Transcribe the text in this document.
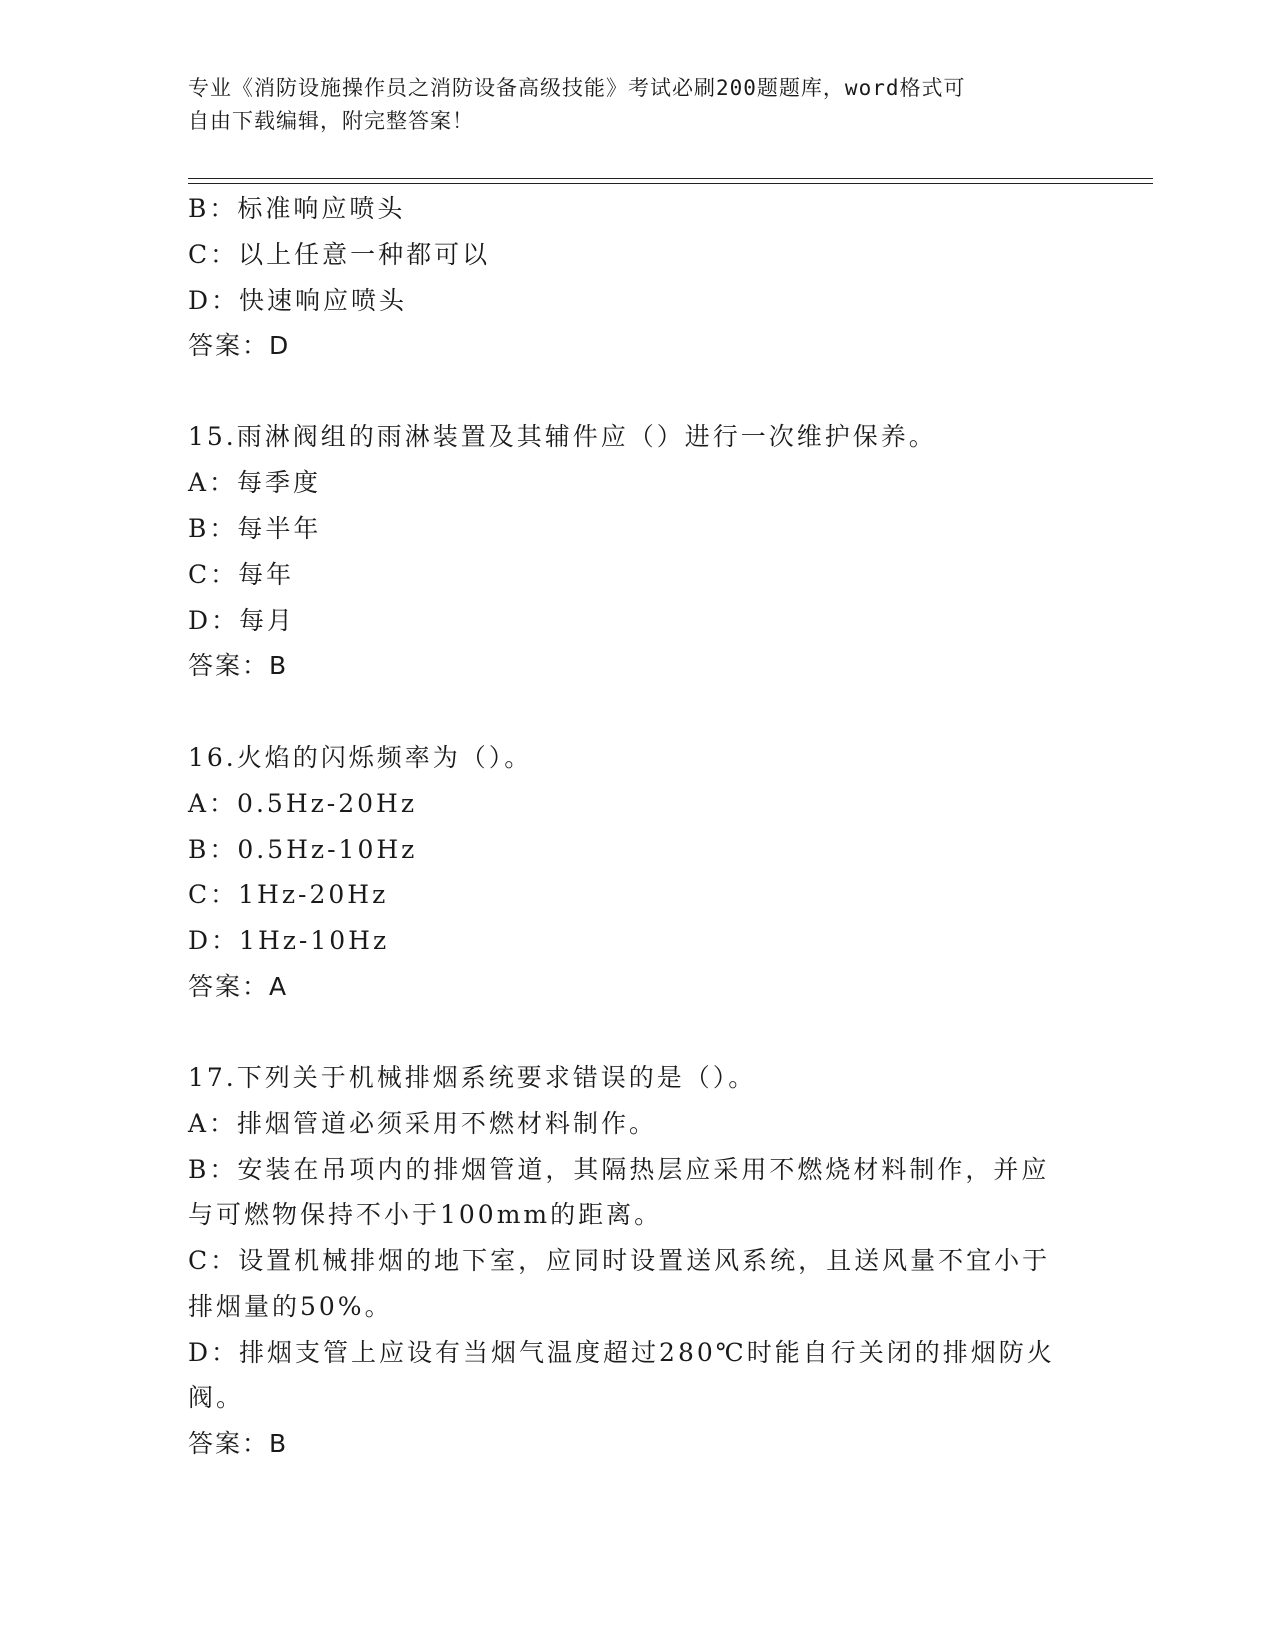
专业《消防设施操作员之消防设备高级技能》考试必刷200题题库，word格式可
自由下载编辑，附完整答案！
B：标准响应喷头
C：以上任意一种都可以
D：快速响应喷头
答案：D
15.雨淋阀组的雨淋装置及其辅件应（）进行一次维护保养。
A：每季度
B：每半年
C：每年
D：每月
答案：B
16.火焰的闪烁频率为（）。
A：0.5Hz-20Hz
B：0.5Hz-10Hz
C：1Hz-20Hz
D：1Hz-10Hz
答案：A
17.下列关于机械排烟系统要求错误的是（）。
A：排烟管道必须采用不燃材料制作。
B：安装在吊项内的排烟管道，其隔热层应采用不燃烧材料制作，并应
与可燃物保持不小于100mm的距离。
C：设置机械排烟的地下室，应同时设置送风系统，且送风量不宜小于
排烟量的50%。
D：排烟支管上应设有当烟气温度超过280℃时能自行关闭的排烟防火
阀。
答案：B
